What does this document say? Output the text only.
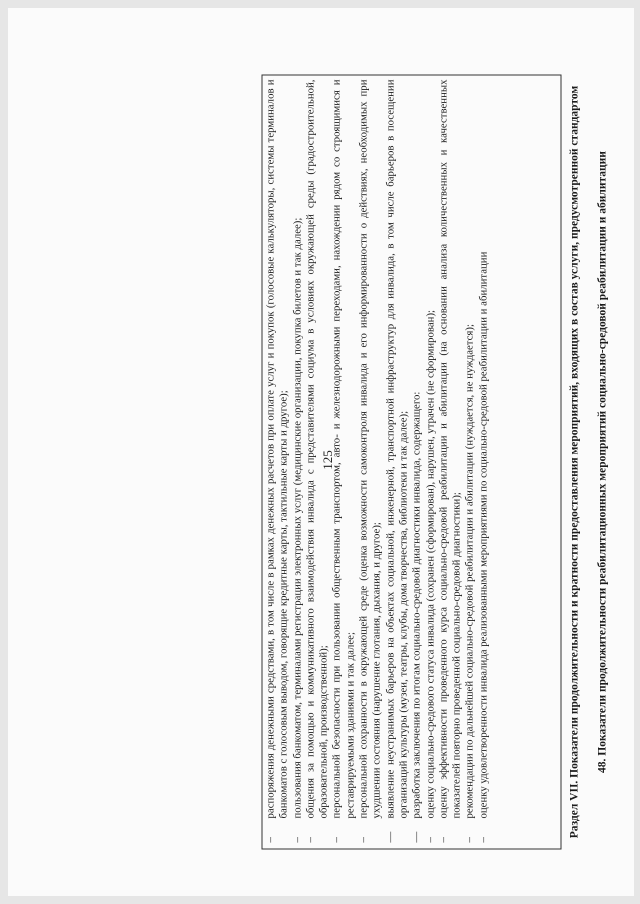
125
–
распоряжения денежными средствами, в том числе в рамках денежных расчетов при оплате услуг и покупок (голосовые калькуляторы, системы терминалов и банкоматов с голосовым выводом, говорящие кредитные карты, тактильные карты и другое);
–
пользования банкоматом, терминалами регистрации электронных услуг (медицинские организации, покупка билетов и так далее);
–
общения за помощью и коммуникативного взаимодействия инвалида с представителями социума в условиях окружающей среды (градостроительной, образовательной, производственной);
–
персональной безопасности при пользовании общественным транспортом, авто- и железнодорожными переходами, нахождении рядом со строящимися и реставрируемыми зданиями и так далее;
–
персональной сохранности в окружающей среде (оценка возможности самоконтроля инвалида и его информированности о действиях, необходимых при ухудшении состояния (нарушение глотания, дыхания, и другое);
—
выявление неустранимых барьеров на объектах социальной, инженерной, транспортной инфраструктур для инвалида, в том числе барьеров в посещении организаций культуры (музеи, театры, клубы, дома творчества, библиотеки и так далее);
—
разработка заключения по итогам социально-средовой диагностики инвалида, содержащего:
–
оценку социально-средового статуса инвалида (сохранен (сформирован), нарушен, утрачен (не сформирован);
–
оценку эффективности проведенного курса социально-средовой реабилитации и абилитации (на основании анализа количественных и качественных показателей повторно проведенной социально-средовой диагностики);
–
рекомендации по дальнейшей социально-средовой реабилитации и абилитации (нуждается, не нуждается);
–
оценку удовлетворенности инвалида реализованными мероприятиями по социально-средовой реабилитации и абилитации	Раздел VII. Показатели продолжительности и кратности предоставления мероприятий, входящих в состав услуги, предусмотренной стандартом 48. Показатели продолжительности реабилитационных мероприятий социально-средовой реабилитации и абилитации
